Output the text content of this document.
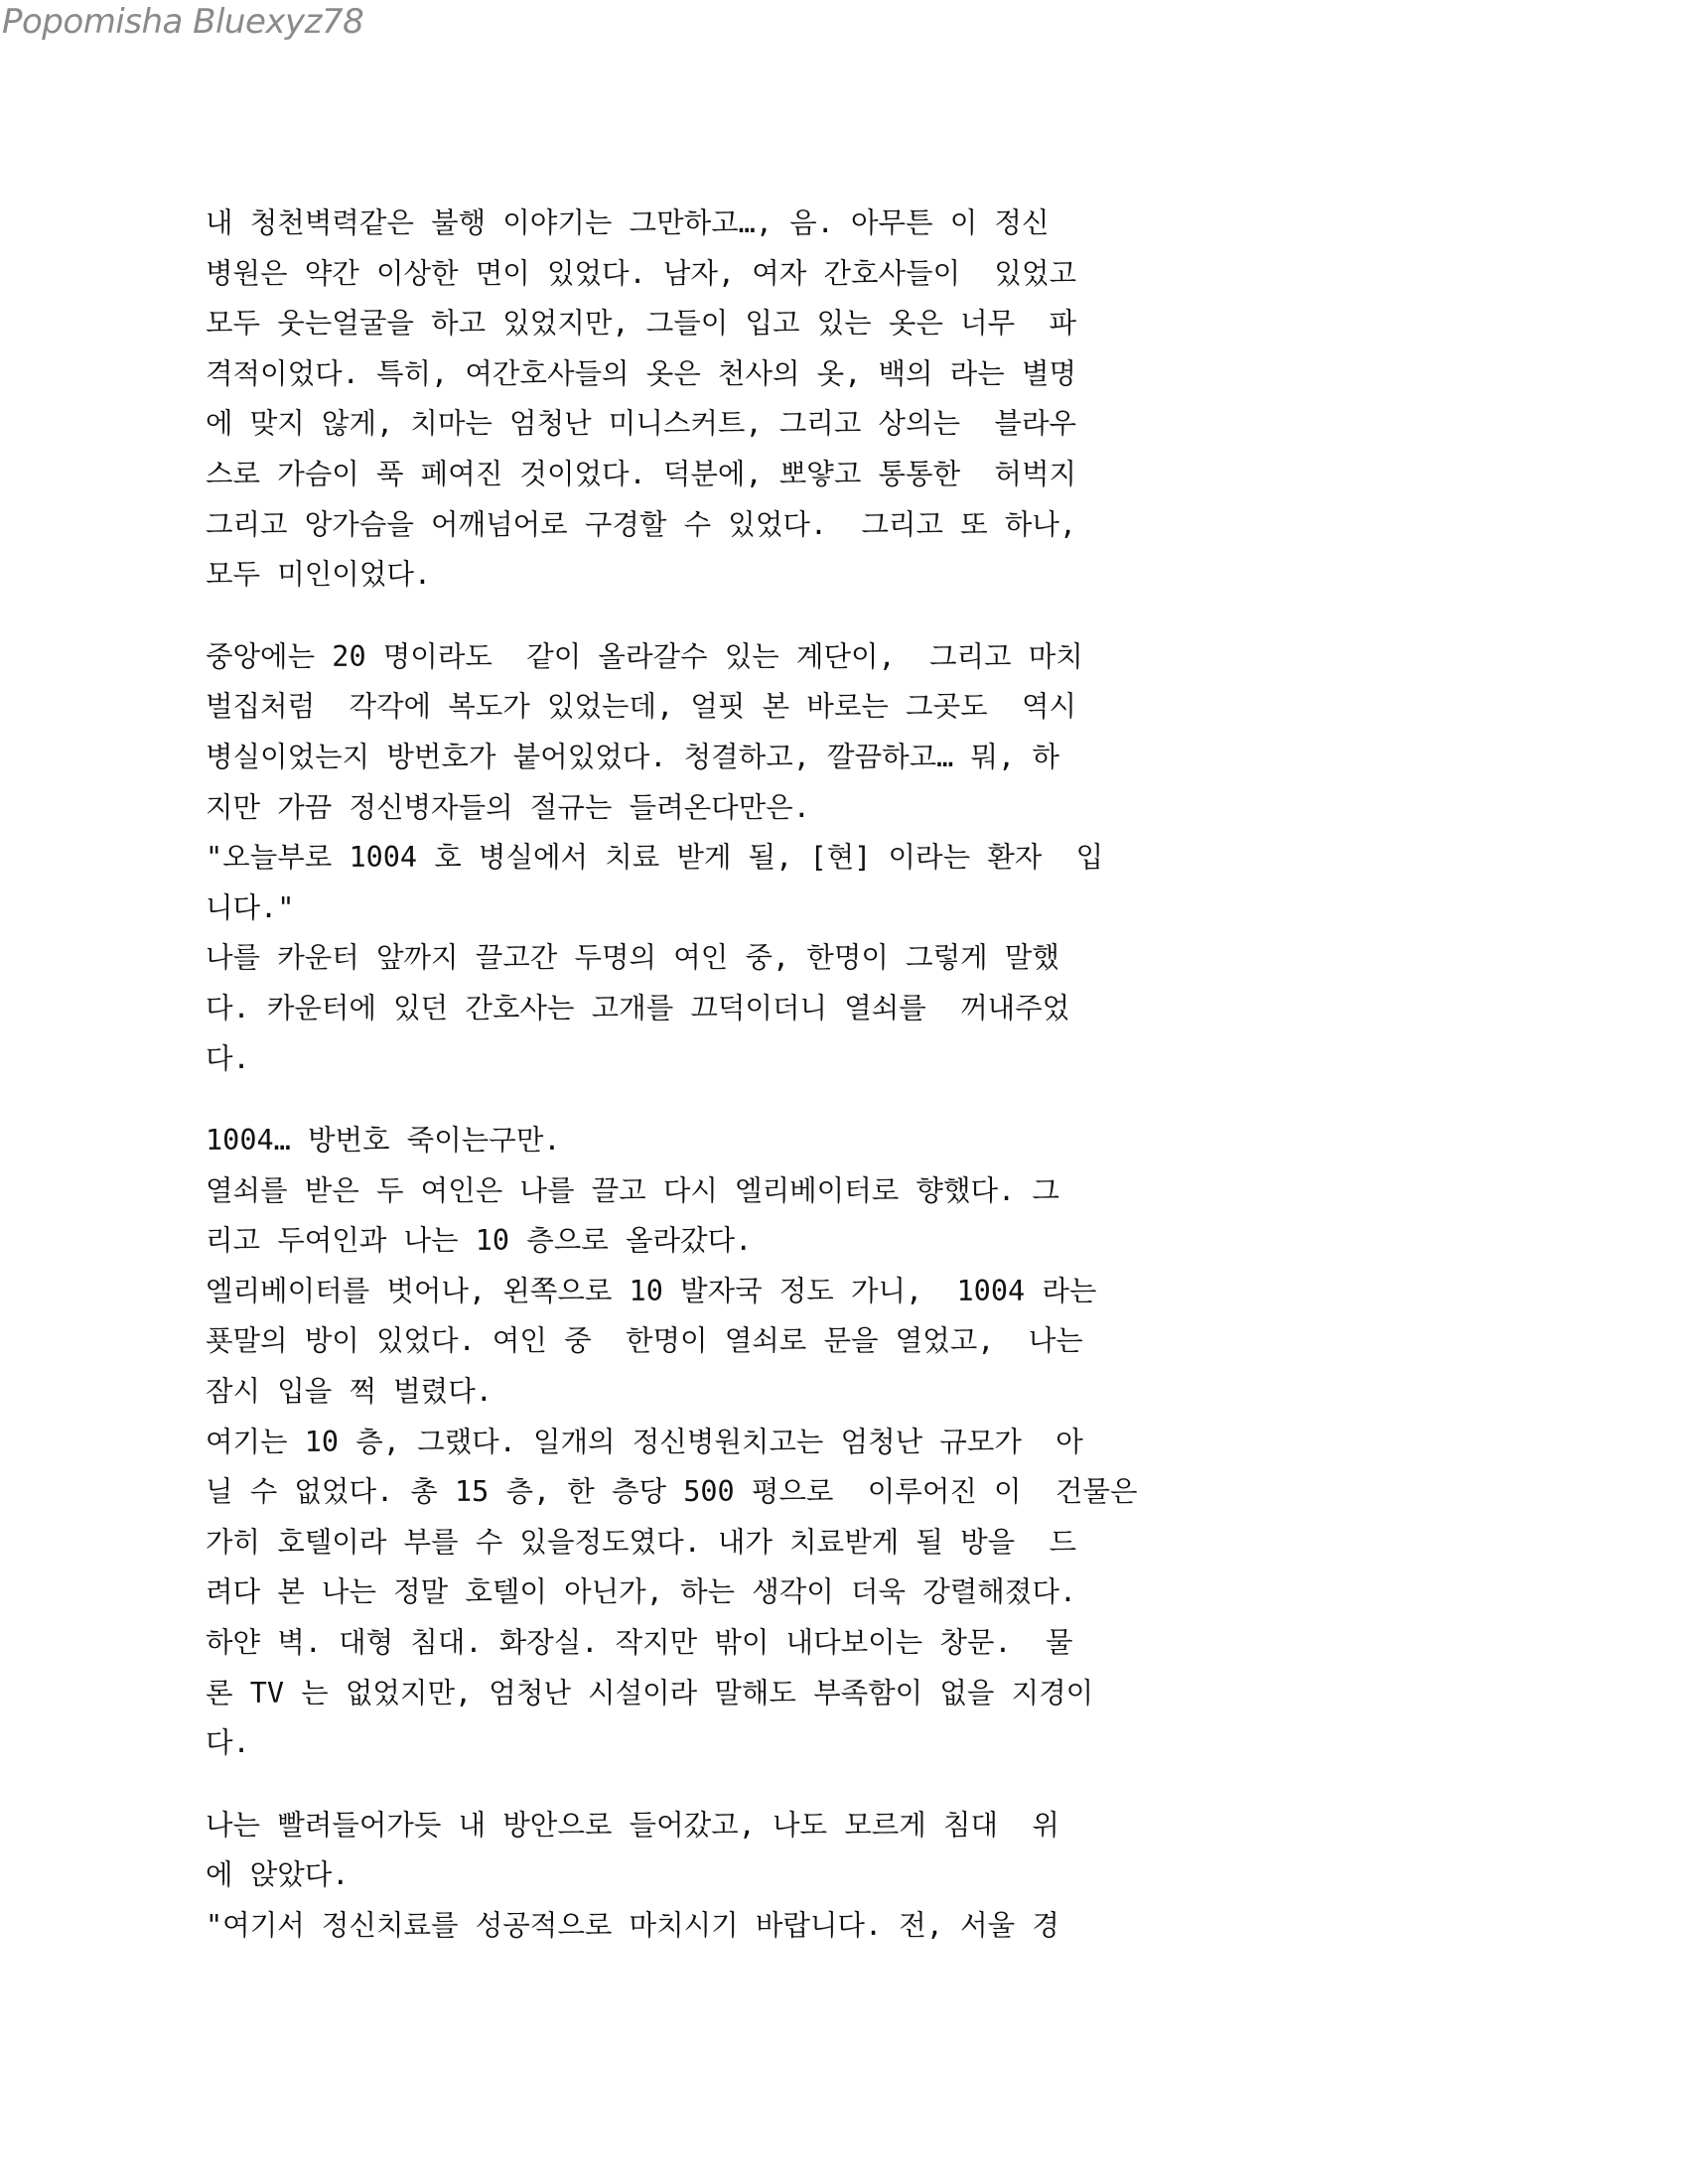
Popomisha Bluexyz78
내 청천벽력같은 불행 이야기는 그만하고…, 음. 아무튼 이 정신
병원은 약간 이상한 면이 있었다. 남자, 여자 간호사들이  있었고
모두 웃는얼굴을 하고 있었지만, 그들이 입고 있는 옷은 너무  파
격적이었다. 특히, 여간호사들의 옷은 천사의 옷, 백의 라는 별명
에 맞지 않게, 치마는 엄청난 미니스커트, 그리고 상의는  블라우
스로 가슴이 푹 페여진 것이었다. 덕분에, 뽀얗고 통통한  허벅지
그리고 앙가슴을 어깨넘어로 구경할 수 있었다.  그리고 또 하나,
모두 미인이었다.
중앙에는 20 명이라도  같이 올라갈수 있는 계단이,  그리고 마치
벌집처럼  각각에 복도가 있었는데, 얼핏 본 바로는 그곳도  역시
병실이었는지 방번호가 붙어있었다. 청결하고, 깔끔하고… 뭐, 하
지만 가끔 정신병자들의 절규는 들려온다만은.
"오늘부로 1004 호 병실에서 치료 받게 될, [현] 이라는 환자  입
니다."
나를 카운터 앞까지 끌고간 두명의 여인 중, 한명이 그렇게 말했
다. 카운터에 있던 간호사는 고개를 끄덕이더니 열쇠를  꺼내주었
다.
1004… 방번호 죽이는구만.
열쇠를 받은 두 여인은 나를 끌고 다시 엘리베이터로 향했다. 그
리고 두여인과 나는 10 층으로 올라갔다.
엘리베이터를 벗어나, 왼쪽으로 10 발자국 정도 가니,  1004 라는
푯말의 방이 있었다. 여인 중  한명이 열쇠로 문을 열었고,  나는
잠시 입을 쩍 벌렸다.
여기는 10 층, 그랬다. 일개의 정신병원치고는 엄청난 규모가  아
닐 수 없었다. 총 15 층, 한 층당 500 평으로  이루어진 이  건물은
가히 호텔이라 부를 수 있을정도였다. 내가 치료받게 될 방을  드
려다 본 나는 정말 호텔이 아닌가, 하는 생각이 더욱 강렬해졌다.
하얀 벽. 대형 침대. 화장실. 작지만 밖이 내다보이는 창문.  물
론 TV 는 없었지만, 엄청난 시설이라 말해도 부족함이 없을 지경이
다.
나는 빨려들어가듯 내 방안으로 들어갔고, 나도 모르게 침대  위
에 앉았다.
"여기서 정신치료를 성공적으로 마치시기 바랍니다. 전, 서울 경
